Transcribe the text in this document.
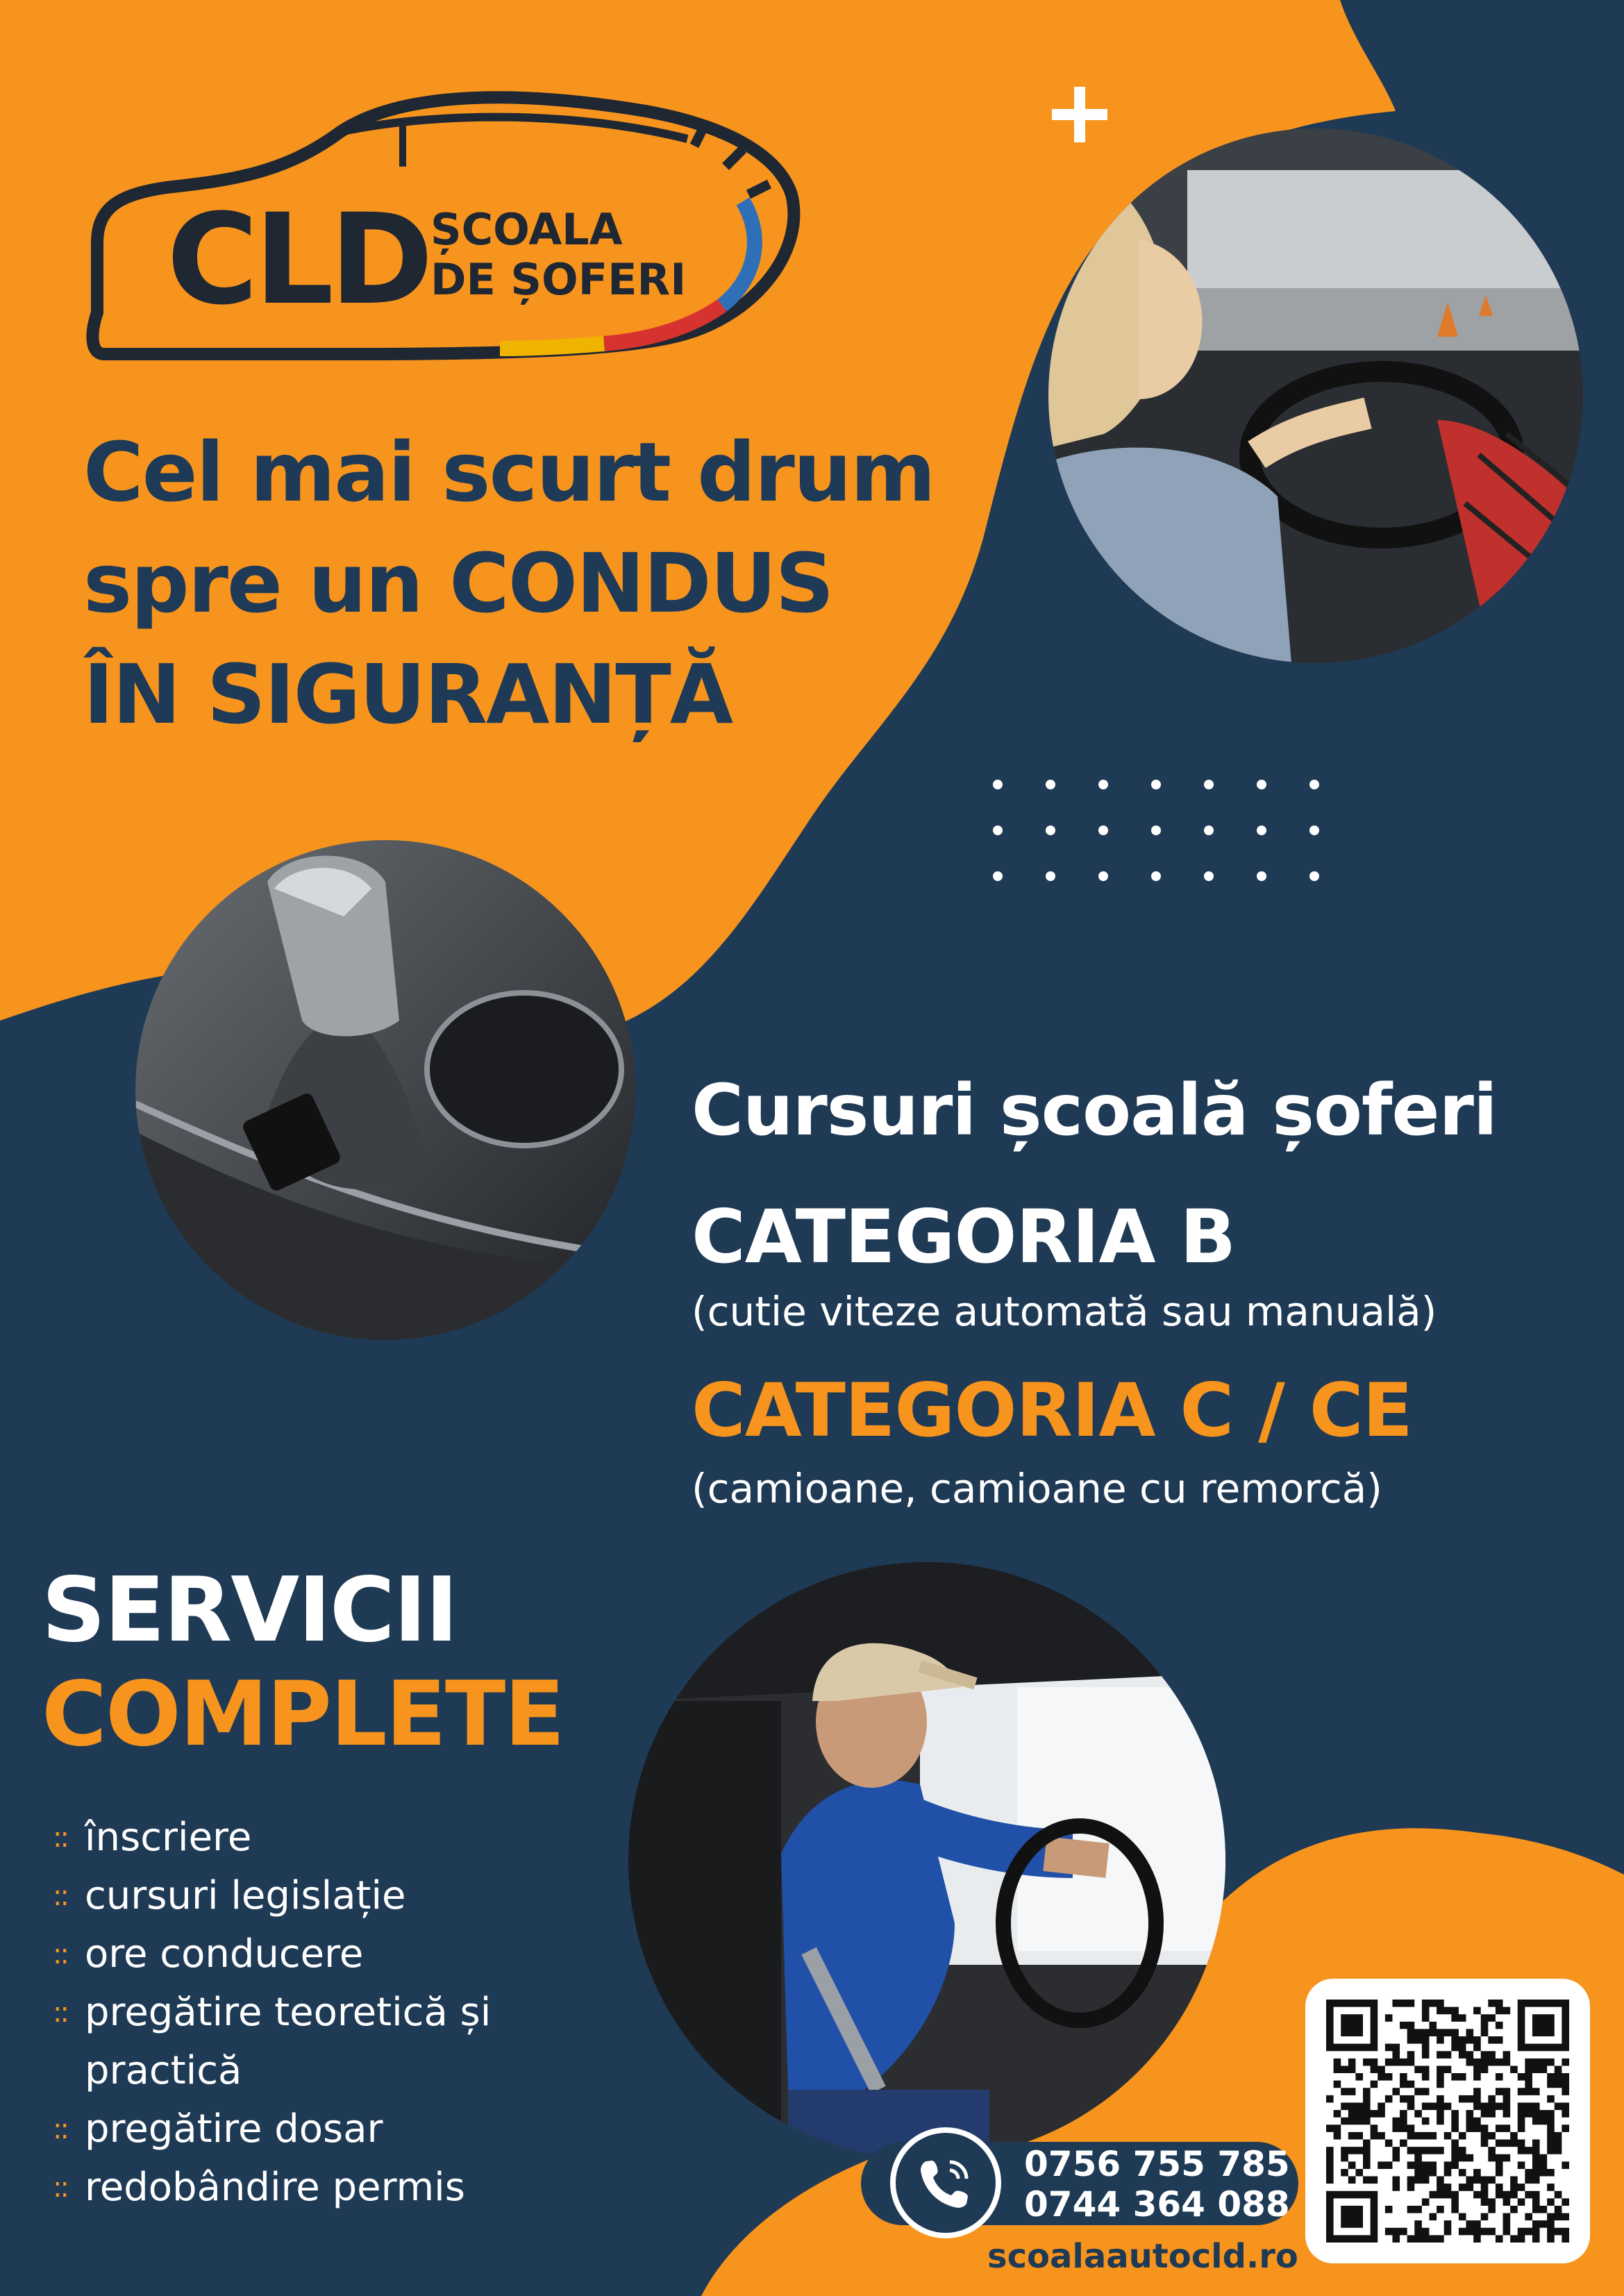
CLD ȘCOALA
DE ȘOFERI
Cel mai scurt drum
spre un CONDUS
ÎN SIGURANȚĂ
Cursuri școală șoferi
CATEGORIA B
(cutie viteze automată sau manuală)
CATEGORIA C / CE
(camioane, camioane cu remorcă)
SERVICII
COMPLETE
:: înscriere
:: cursuri legislație
:: ore conducere
:: pregătire teoretică și practică
:: pregătire dosar
:: redobândire permis
0756 755 785
0744 364 088
scoalaautocld.ro
